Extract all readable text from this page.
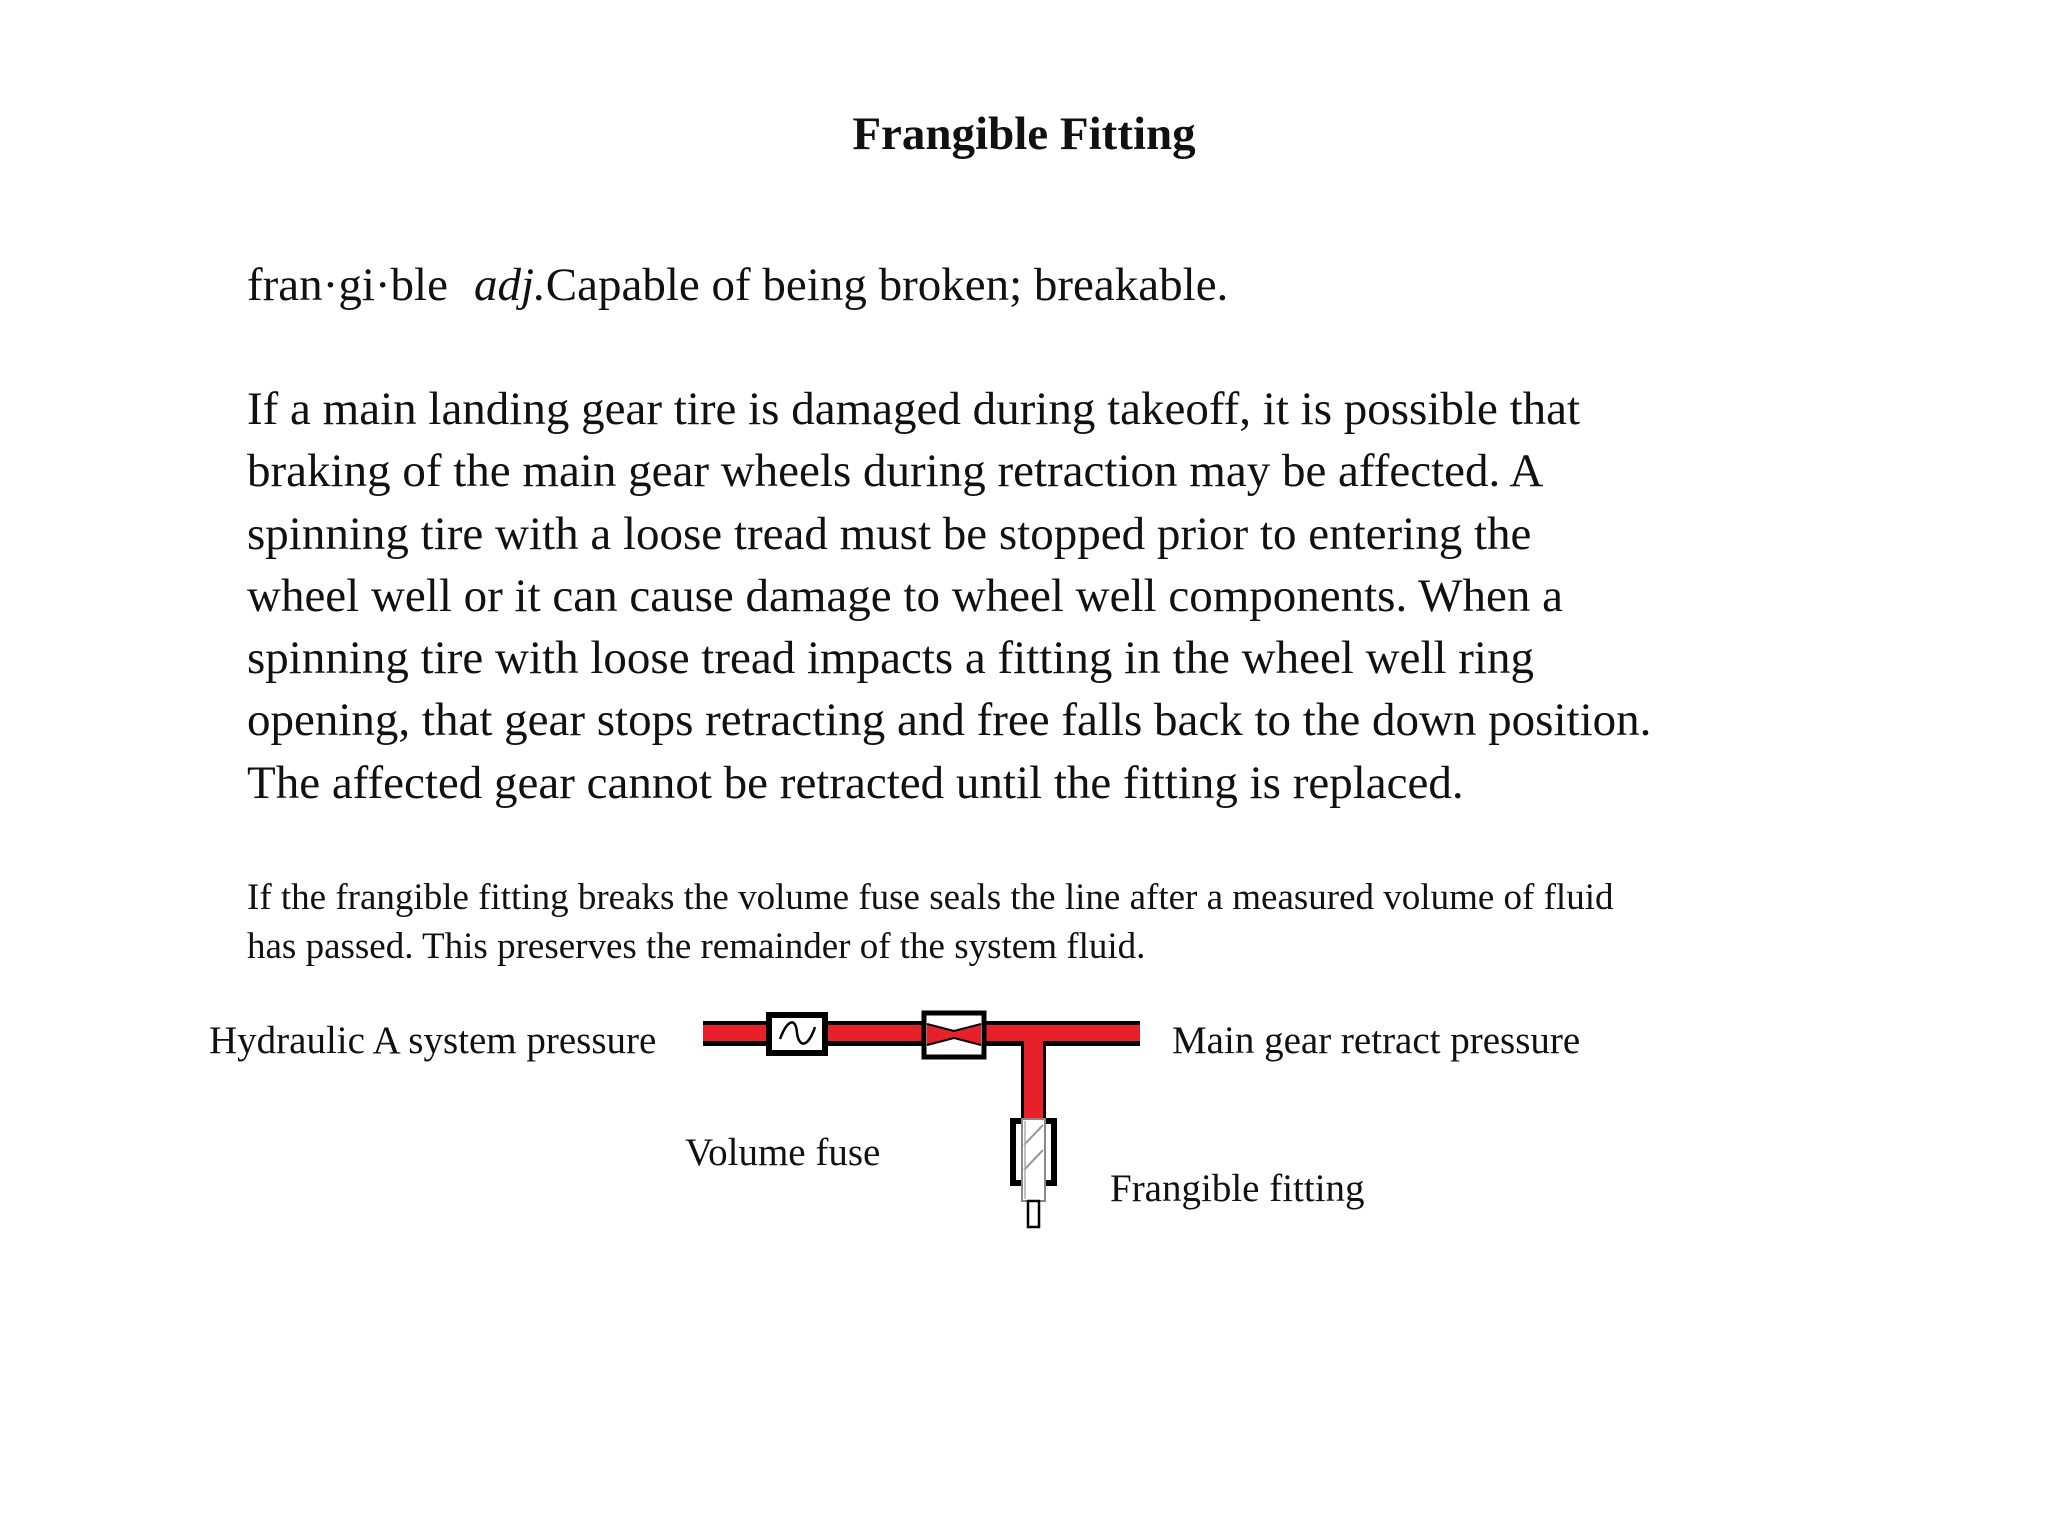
Frangible Fitting

fran·gi·ble adj.Capable of being broken; breakable.

If a main landing gear tire is damaged during takeoff, it is possible that
braking of the main gear wheels during retraction may be affected. A
spinning tire with a loose tread must be stopped prior to entering the
wheel well or it can cause damage to wheel well components. When a
spinning tire with loose tread impacts a fitting in the wheel well ring
opening, that gear stops retracting and free falls back to the down position.
The affected gear cannot be retracted until the fitting is replaced.
If the frangible fitting breaks the volume fuse seals the line after a measured volume of fluid
has passed. This preserves the remainder of the system fluid.

Hydraulic A system pressure	Main gear retract pressure

Volume fuse

Frangible fitting
